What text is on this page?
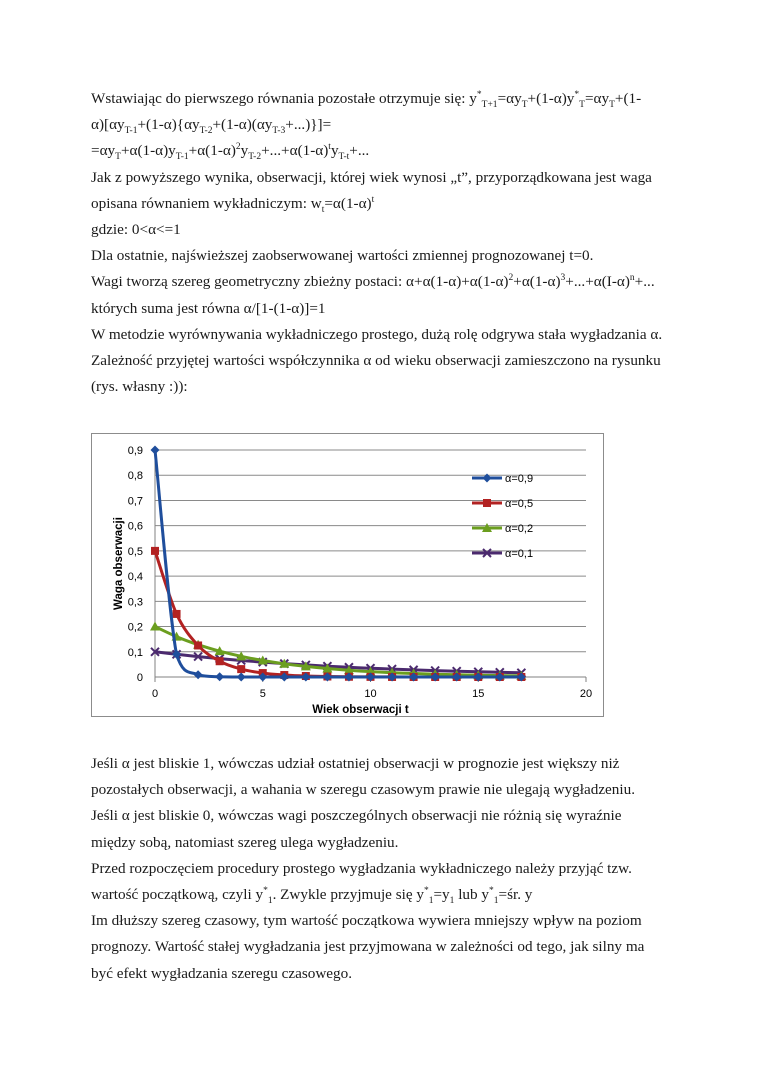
Wstawiając do pierwszego równania pozostałe otrzymuje się: $y^*_{T+1}=\alpha y_T+(1-\alpha)y^*_T=\alpha y_T+(1-$

$\alpha)[\alpha y_{T-1}+(1-\alpha)\{\alpha y_{T-2}+(1-\alpha)(\alpha y_{T-3}+...)\}]=$

$=\alpha y_T+\alpha(1-\alpha)y_{T-1}+\alpha(1-\alpha)^2y_{T-2}+...+\alpha(1-\alpha)^ty_{T-t}+$...

Jak z powyższego wynika, obserwacji, której wiek wynosi „t”, przyporządkowana jest waga

opisana równaniem wykładniczym: $w_t=\alpha(1-\alpha)^t$

gdzie: 0<α<=1

Dla ostatnie, najświeższej zaobserwowanej wartości zmiennej prognozowanej t=0.

Wagi tworzą szereg geometryczny zbieżny postaci: $\alpha+\alpha(1-\alpha)+\alpha(1-\alpha)^2+\alpha(1-\alpha)^3+...+\alpha(I-\alpha)^n+$...

których suma jest równa α/[1-(1-α)]=1

W metodzie wyrównywania wykładniczego prostego, dużą rolę odgrywa stała wygładzania α.

Zależność przyjętej wartości współczynnika α od wieku obserwacji zamieszczono na rysunku

(rys. własny :)):

0
0,1
0,2
0,3
0,4
0,5
0,6
0,7
0,8
0,9
0	5	10	15	20
Wiek obserwacji t
Waga obserwacji
α=0,9
α=0,5
α=0,2
α=0,1

Jeśli α jest bliskie 1, wówczas udział ostatniej obserwacji w prognozie jest większy niż

pozostałych obserwacji, a wahania w szeregu czasowym prawie nie ulegają wygładzeniu.

Jeśli α jest bliskie 0, wówczas wagi poszczególnych obserwacji nie różnią się wyraźnie

między sobą, natomiast szereg ulega wygładzeniu.

Przed rozpoczęciem procedury prostego wygładzania wykładniczego należy przyjąć tzw.

wartość początkową, czyli $y^*_1$. Zwykle przyjmuje się $y^*_1=y_1$ lub $y^*_1=śr$. y

Im dłuższy szereg czasowy, tym wartość początkowa wywiera mniejszy wpływ na poziom

prognozy. Wartość stałej wygładzania jest przyjmowana w zależności od tego, jak silny ma

być efekt wygładzania szeregu czasowego.
